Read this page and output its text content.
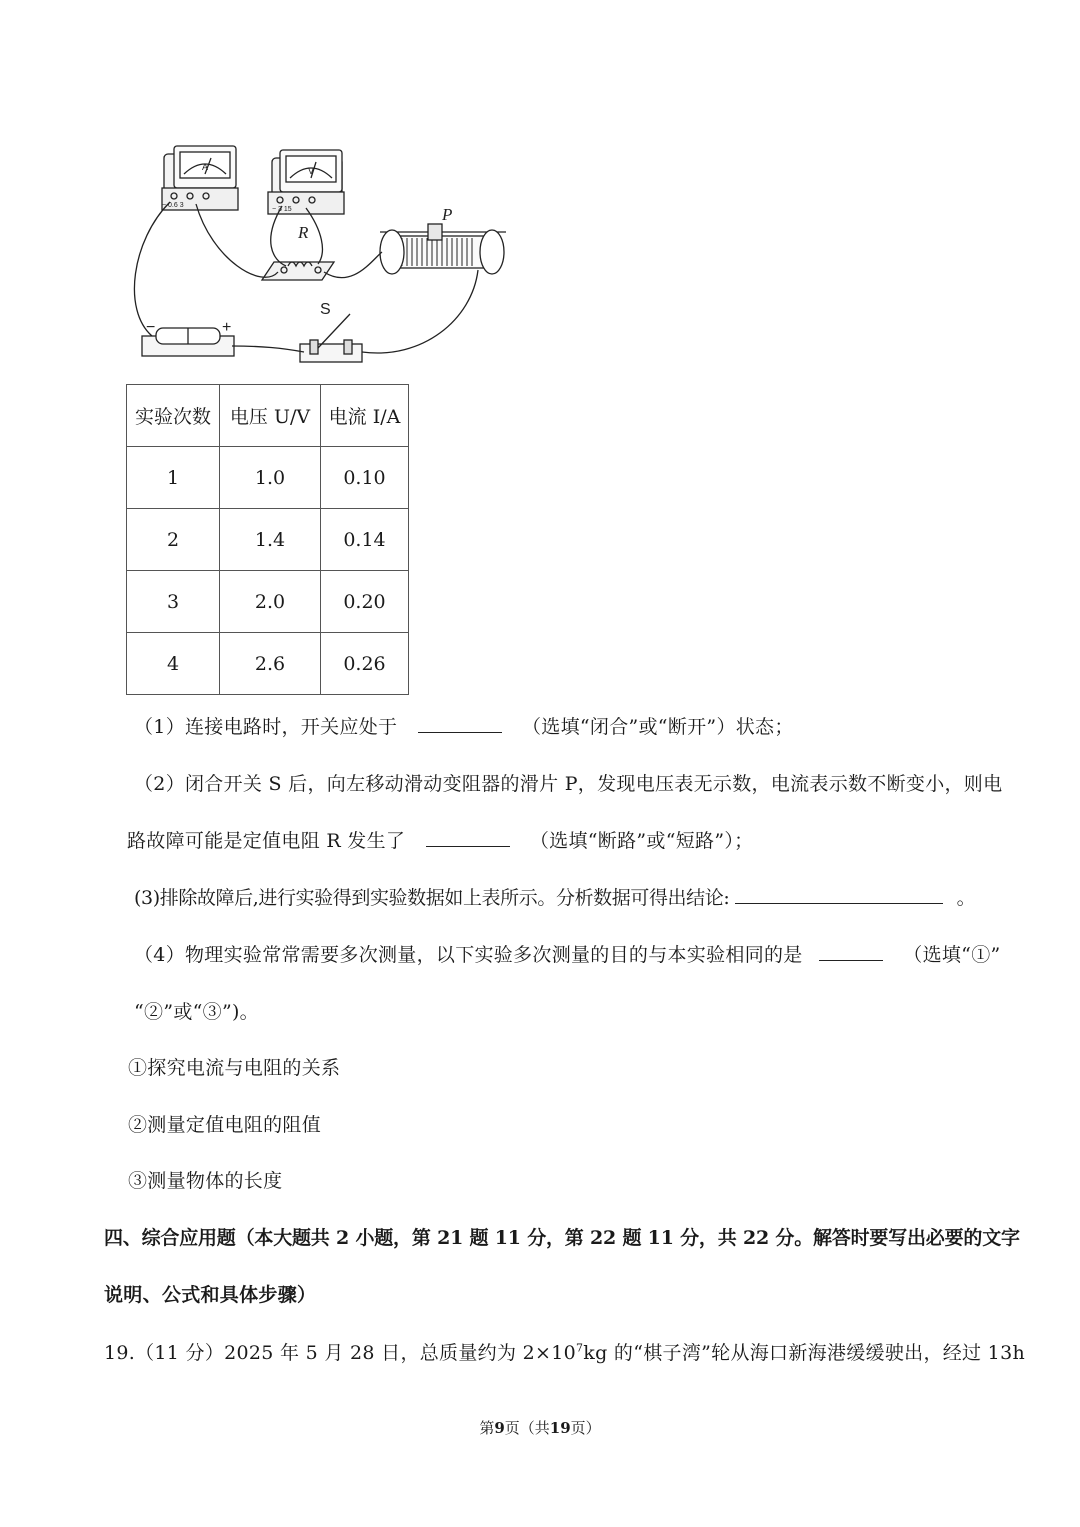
A	V
− 0.6 3
− 3 15
R
P
S
−	+
实验次数	电压 U/V	电流 I/A
1	1.0	0.10
2	1.4	0.14
3	2.0	0.20
4	2.6	0.26
（1）连接电路时，开关应处于	（选填“闭合”或“断开”）状态；
（2）闭合开关 S 后，向左移动滑动变阻器的滑片 P，发现电压表无示数，电流表示数不断变小，则电
路故障可能是定值电阻 R 发生了	（选填“断路”或“短路”）；
(3)排除故障后,进行实验得到实验数据如上表所示。分析数据可得出结论:	。
（4）物理实验常常需要多次测量，以下实验多次测量的目的与本实验相同的是	（选填“①”
“②”或“③”)。
①探究电流与电阻的关系
②测量定值电阻的阻值
③测量物体的长度
四、综合应用题（本大题共 2 小题，第 21 题 11 分，第 22 题 11 分，共 22 分。解答时要写出必要的文字
说明、公式和具体步骤）
19.（11 分）2025 年 5 月 28 日，总质量约为 $2\times 10^7kg$ 的“棋子湾”轮从海口新海港缓缓驶出，经过 13h
第9页（共19页）
